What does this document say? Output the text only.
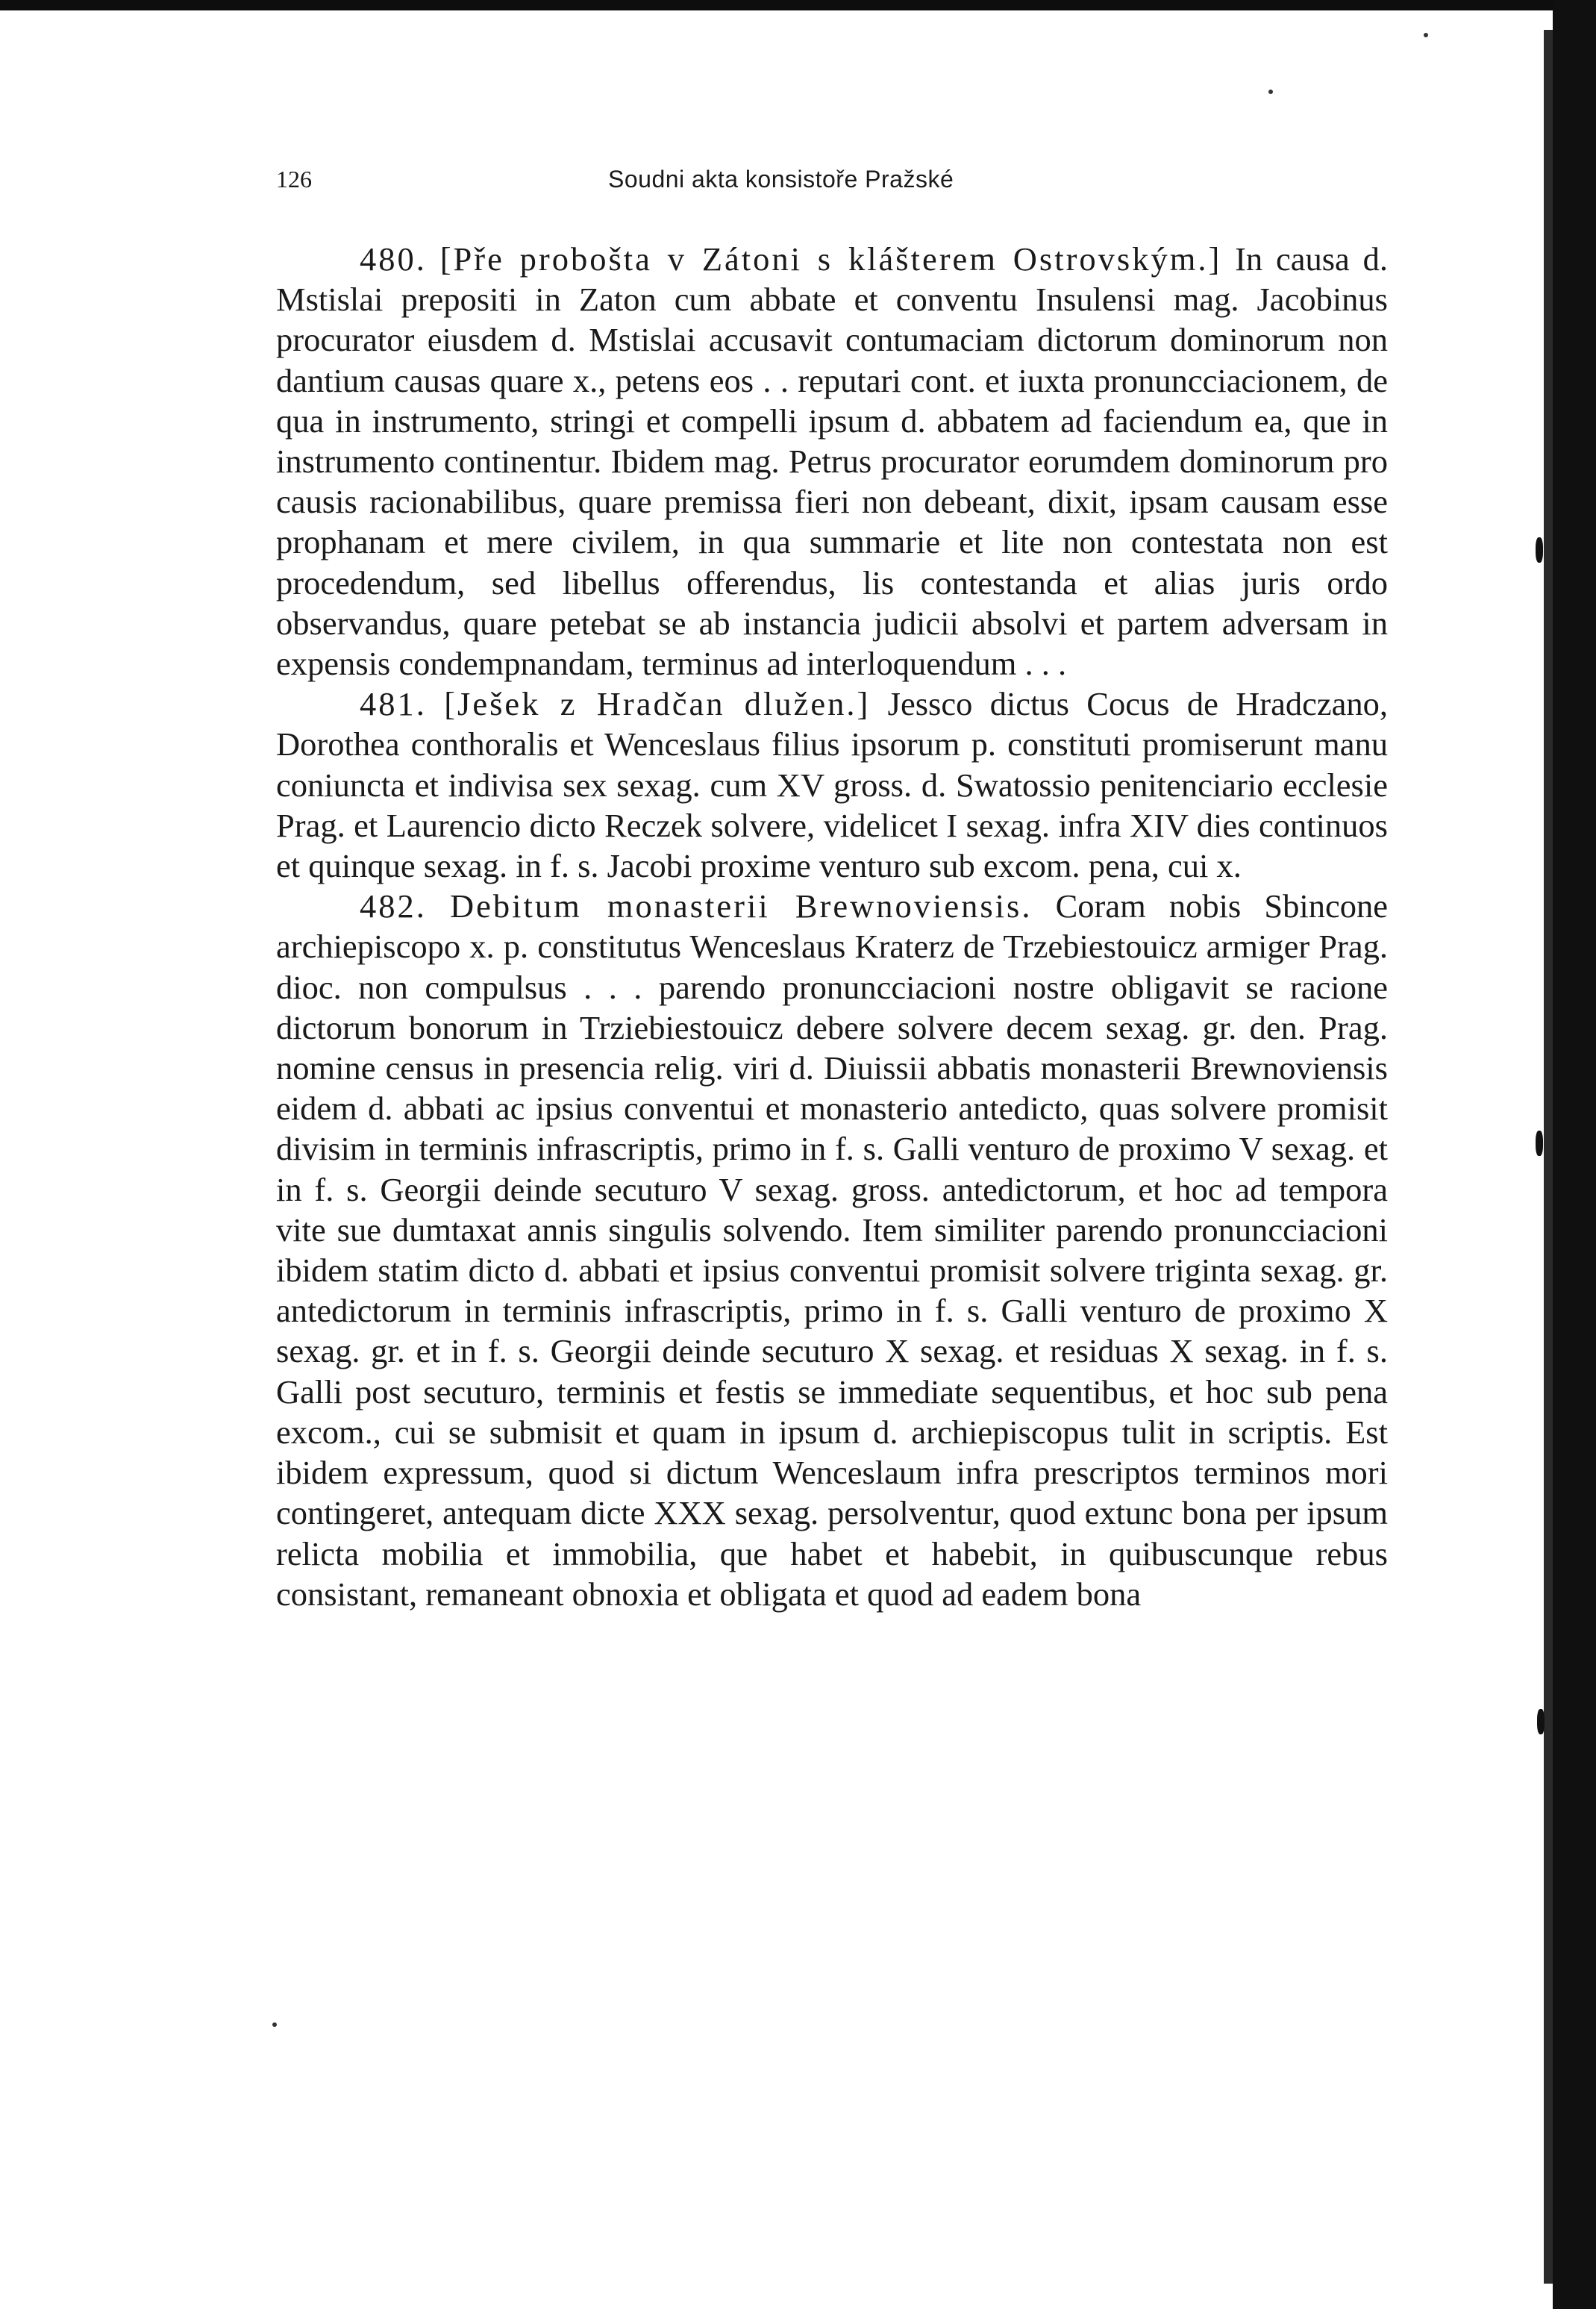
126	Soudni akta konsistoře Pražské

480. [Pře probošta v Zátoni s klášterem Ostrovským.] In causa d. Mstislai prepositi in Zaton cum abbate et conventu Insulensi mag. Jacobinus procurator eiusdem d. Mstislai accusavit contumaciam dictorum dominorum non dantium causas quare x., petens eos . . reputari cont. et iuxta pronuncciacionem, de qua in instrumento, stringi et compelli ipsum d. abbatem ad faciendum ea, que in instrumento continentur. Ibidem mag. Petrus procurator eorumdem dominorum pro causis racionabilibus, quare premissa fieri non debeant, dixit, ipsam causam esse prophanam et mere civilem, in qua summarie et lite non contestata non est procedendum, sed libellus offerendus, lis contestanda et alias juris ordo observandus, quare petebat se ab instancia judicii absolvi et partem adversam in expensis condempnandam, terminus ad interloquendum . . .

481. [Ješek z Hradčan dlužen.] Jessco dictus Cocus de Hradczano, Dorothea conthoralis et Wenceslaus filius ipsorum p. constituti promiserunt manu coniuncta et indivisa sex sexag. cum XV gross. d. Swatossio penitenciario ecclesie Prag. et Laurencio dicto Reczek solvere, videlicet I sexag. infra XIV dies continuos et quinque sexag. in f. s. Jacobi proxime venturo sub excom. pena, cui x.

482. Debitum monasterii Brewnoviensis. Coram nobis Sbincone archiepiscopo x. p. constitutus Wenceslaus Kraterz de Trzebiestouicz armiger Prag. dioc. non compulsus . . . parendo pronuncciacioni nostre obligavit se racione dictorum bonorum in Trziebiestouicz debere solvere decem sexag. gr. den. Prag. nomine census in presencia relig. viri d. Diuissii abbatis monasterii Brewnoviensis eidem d. abbati ac ipsius conventui et monasterio antedicto, quas solvere promisit divisim in terminis infrascriptis, primo in f. s. Galli venturo de proximo V sexag. et in f. s. Georgii deinde secuturo V sexag. gross. antedictorum, et hoc ad tempora vite sue dumtaxat annis singulis solvendo. Item similiter parendo pronuncciacioni ibidem statim dicto d. abbati et ipsius conventui promisit solvere triginta sexag. gr. antedictorum in terminis infrascriptis, primo in f. s. Galli venturo de proximo X sexag. gr. et in f. s. Georgii deinde secuturo X sexag. et residuas X sexag. in f. s. Galli post secuturo, terminis et festis se immediate sequentibus, et hoc sub pena excom., cui se submisit et quam in ipsum d. archiepiscopus tulit in scriptis. Est ibidem expressum, quod si dictum Wenceslaum infra prescriptos terminos mori contingeret, antequam dicte XXX sexag. persolventur, quod extunc bona per ipsum relicta mobilia et immobilia, que habet et habebit, in quibuscunque rebus consistant, remaneant obnoxia et obligata et quod ad eadem bona
